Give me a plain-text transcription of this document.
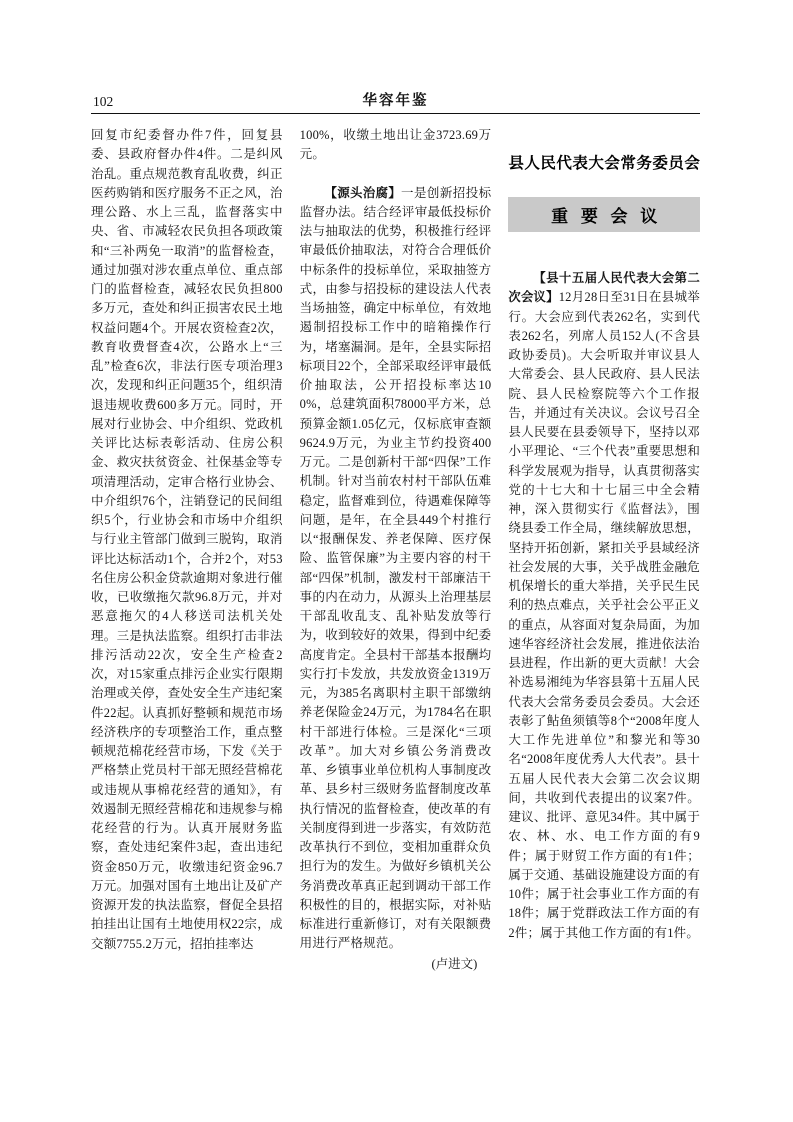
102	华容年鉴

回复市纪委督办件7件，回复县委、县政府督办件4件。二是纠风治乱。重点规范教育乱收费，纠正医药购销和医疗服务不正之风，治理公路、水上三乱，监督落实中央、省、市减轻农民负担各项政策和“三补两免一取消”的监督检查，通过加强对涉农重点单位、重点部门的监督检查，减轻农民负担800多万元，查处和纠正损害农民土地权益问题4个。开展农资检查2次，教育收费督查4次，公路水上“三乱”检查6次，非法行医专项治理3次，发现和纠正问题35个，组织清退违规收费600多万元。同时，开展对行业协会、中介组织、党政机关评比达标表彰活动、住房公积金、救灾扶贫资金、社保基金等专项清理活动，定审合格行业协会、中介组织76个，注销登记的民间组织5个，行业协会和市场中介组织与行业主管部门做到三脱钩，取消评比达标活动1个，合并2个，对53名住房公积金贷款逾期对象进行催收，已收缴拖欠款96.8万元，并对恶意拖欠的4人移送司法机关处理。三是执法监察。组织打击非法排污活动22次，安全生产检查2次，对15家重点排污企业实行限期治理或关停，查处安全生产违纪案件22起。认真抓好整顿和规范市场经济秩序的专项整治工作，重点整顿规范棉花经营市场，下发《关于严格禁止党员村干部无照经营棉花或违规从事棉花经营的通知》，有效遏制无照经营棉花和违规参与棉花经营的行为。认真开展财务监察，查处违纪案件3起，查出违纪资金850万元，收缴违纪资金96.7万元。加强对国有土地出让及矿产资源开发的执法监察，督促全县招拍挂出让国有土地使用权22宗，成交额7755.2万元，招拍挂率达

100%，收缴土地出让金3723.69万元。

【源头治腐】一是创新招投标监督办法。结合经评审最低投标价法与抽取法的优势，积极推行经评审最低价抽取法，对符合合理低价中标条件的投标单位，采取抽签方式，由参与招投标的建设法人代表当场抽签，确定中标单位，有效地遏制招投标工作中的暗箱操作行为，堵塞漏洞。是年，全县实际招标项目22个，全部采取经评审最低价抽取法，公开招投标率达100%，总建筑面积78000平方米，总预算金额1.05亿元，仅标底审查额9624.9万元，为业主节约投资400万元。二是创新村干部“四保”工作机制。针对当前农村村干部队伍难稳定，监督难到位，待遇难保障等问题，是年，在全县449个村推行以“报酬保发、养老保障、医疗保险、监管保廉”为主要内容的村干部“四保”机制，激发村干部廉洁干事的内在动力，从源头上治理基层干部乱收乱支、乱补贴发放等行为，收到较好的效果，得到中纪委高度肯定。全县村干部基本报酬均实行打卡发放，共发放资金1319万元，为385名离职村主职干部缴纳养老保险金24万元，为1784名在职村干部进行体检。三是深化“三项改革”。加大对乡镇公务消费改革、乡镇事业单位机构人事制度改革、县乡村三级财务监督制度改革执行情况的监督检查，使改革的有关制度得到进一步落实，有效防范改革执行不到位，变相加重群众负担行为的发生。为做好乡镇机关公务消费改革真正起到调动干部工作积极性的目的，根据实际，对补贴标准进行重新修订，对有关限额费用进行严格规范。

(卢进文)

县人民代表大会常务委员会
重 要 会 议

【县十五届人民代表大会第二次会议】12月28日至31日在县城举行。大会应到代表262名，实到代表262名，列席人员152人(不含县政协委员)。大会听取并审议县人大常委会、县人民政府、县人民法院、县人民检察院等六个工作报告，并通过有关决议。会议号召全县人民要在县委领导下，坚持以邓小平理论、“三个代表”重要思想和科学发展观为指导，认真贯彻落实党的十七大和十七届三中全会精神，深入贯彻实行《监督法》，围绕县委工作全局，继续解放思想，坚持开拓创新，紧扣关乎县域经济社会发展的大事，关乎战胜金融危机保增长的重大举措，关乎民生民利的热点难点，关乎社会公平正义的重点，从容面对复杂局面，为加速华容经济社会发展，推进依法治县进程，作出新的更大贡献！大会补选易湘纯为华容县第十五届人民代表大会常务委员会委员。大会还表彰了鲇鱼须镇等8个“2008年度人大工作先进单位”和黎光和等30名“2008年度优秀人大代表”。县十五届人民代表大会第二次会议期间，共收到代表提出的议案7件。建议、批评、意见34件。其中属于农、林、水、电工作方面的有9件；属于财贸工作方面的有1件；属于交通、基础设施建设方面的有10件；属于社会事业工作方面的有18件；属于党群政法工作方面的有2件；属于其他工作方面的有1件。
